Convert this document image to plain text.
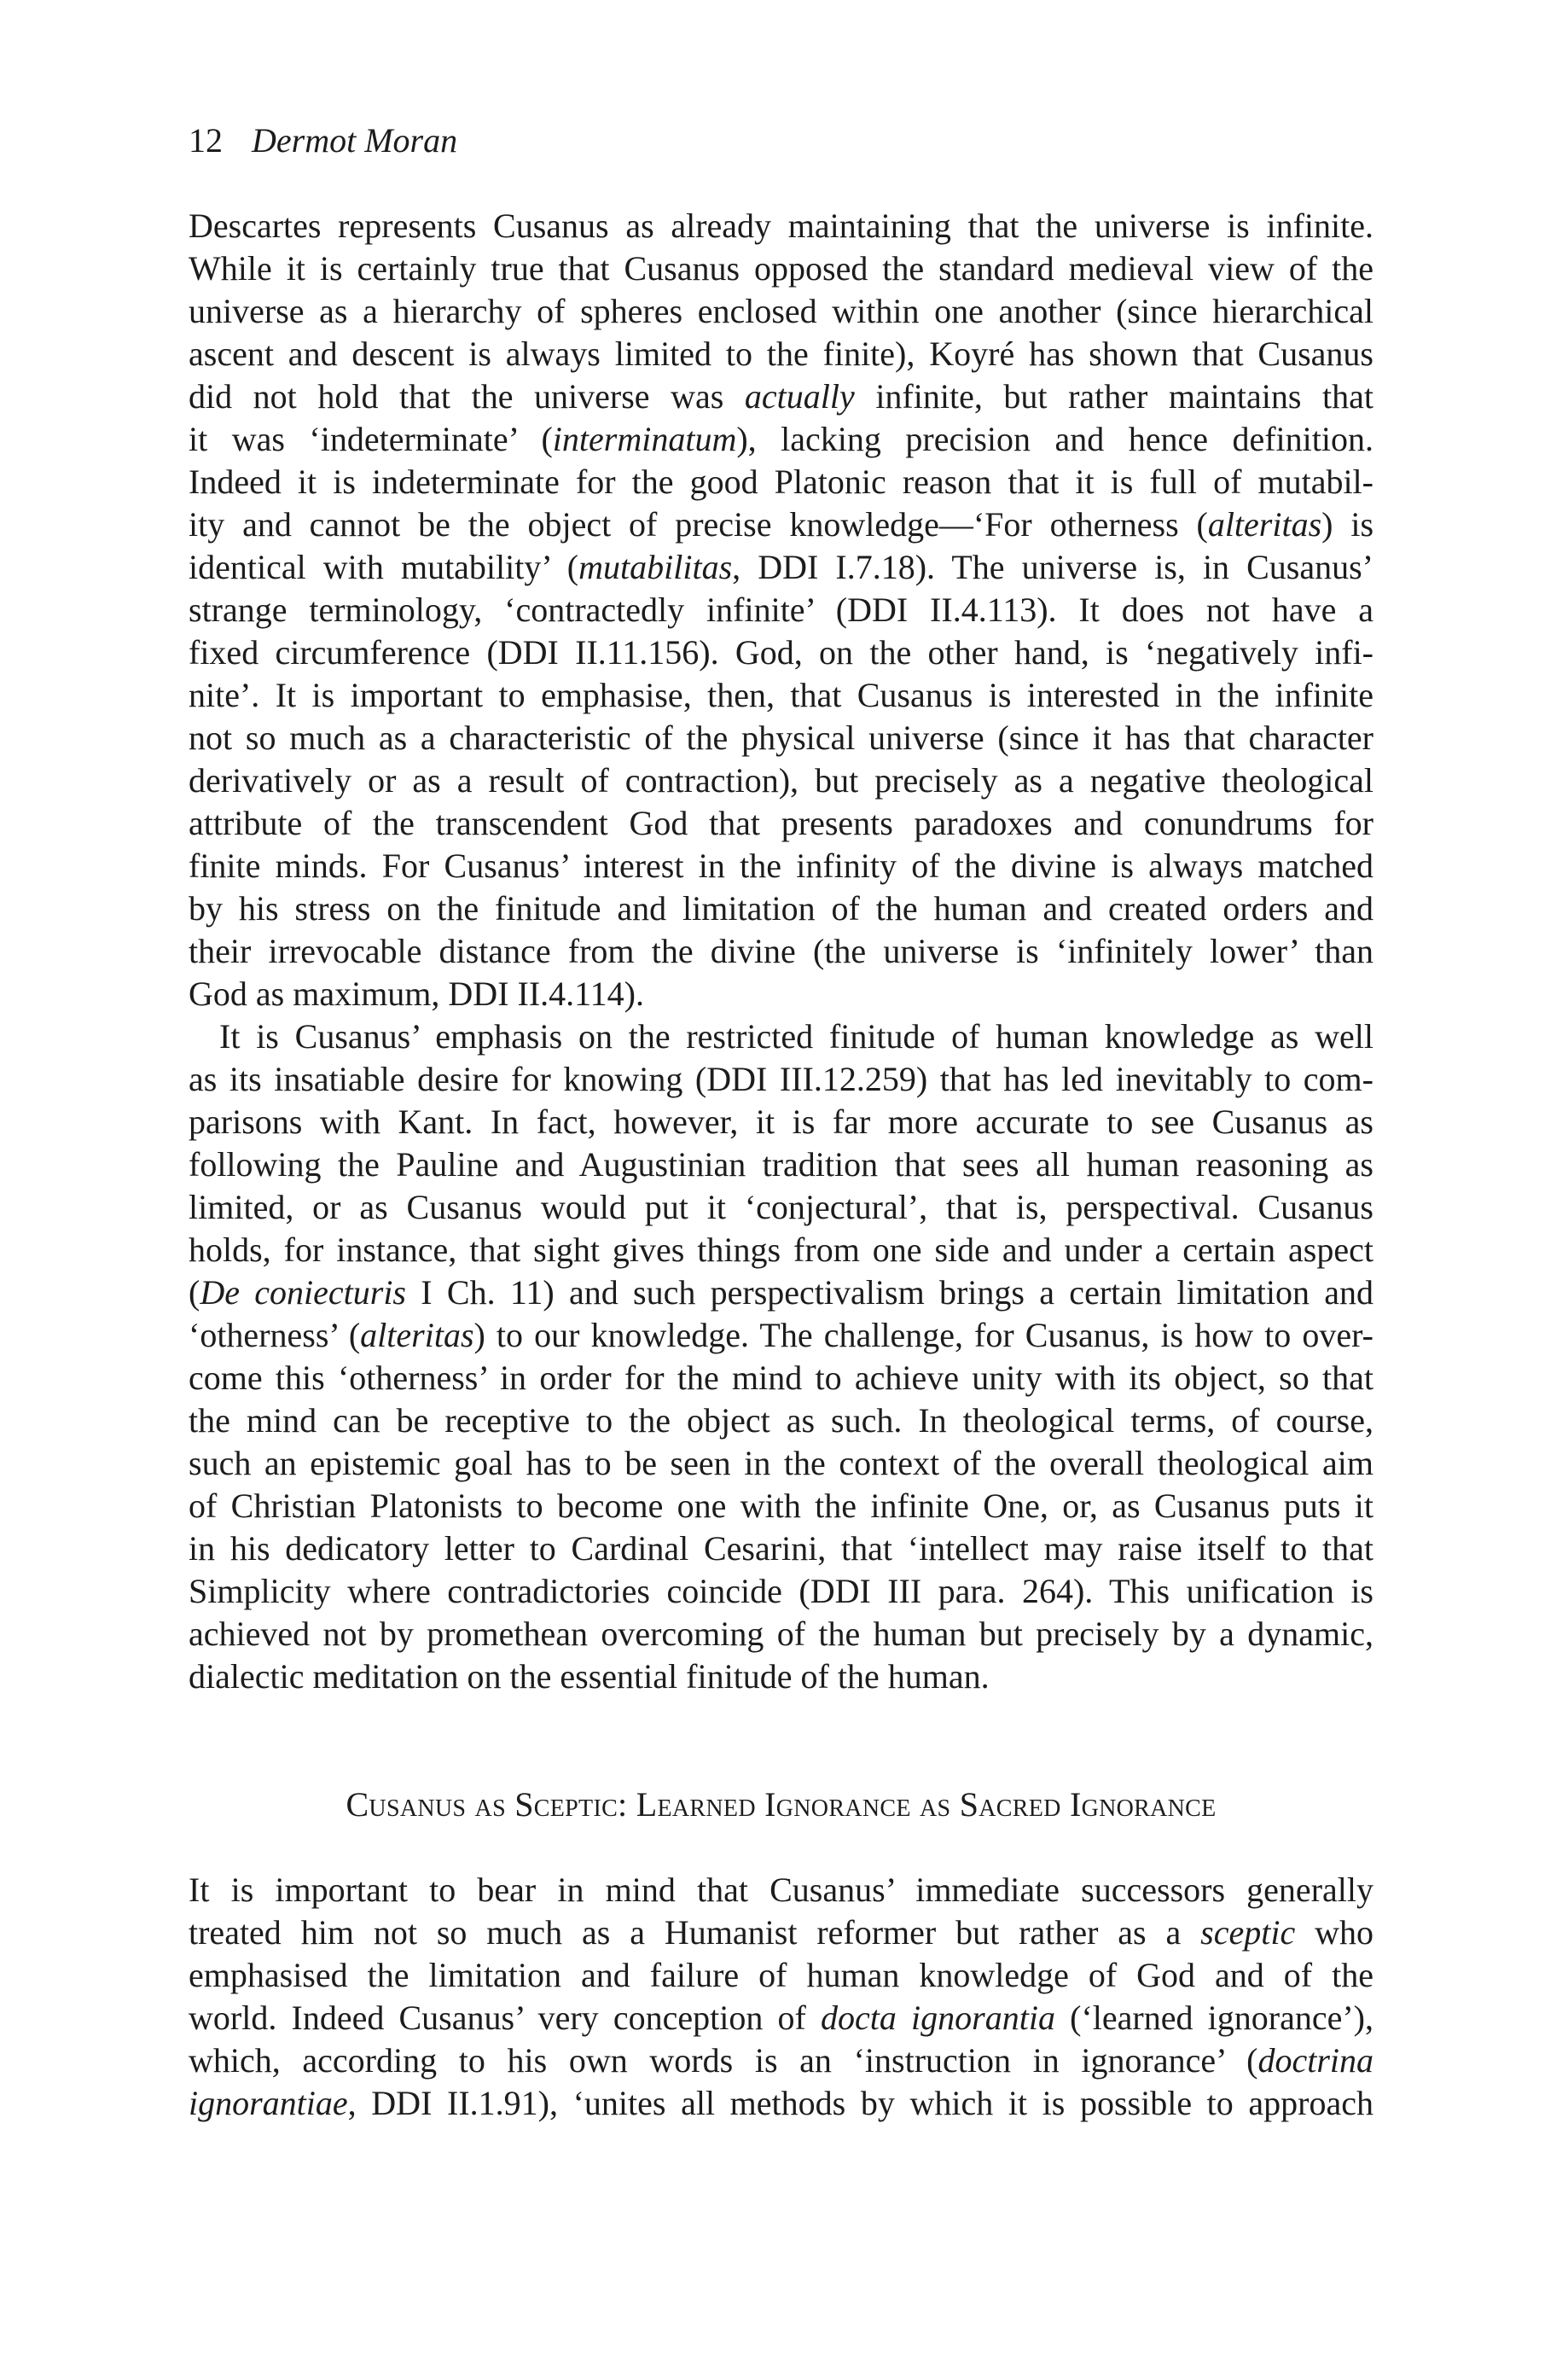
12 Dermot Moran
Descartes represents Cusanus as already maintaining that the universe is infinite.
While it is certainly true that Cusanus opposed the standard medieval view of the
universe as a hierarchy of spheres enclosed within one another (since hierarchical
ascent and descent is always limited to the finite), Koyré has shown that Cusanus
did not hold that the universe was actually infinite, but rather maintains that
it was ‘indeterminate’ (interminatum), lacking precision and hence definition.
Indeed it is indeterminate for the good Platonic reason that it is full of mutabil-
ity and cannot be the object of precise knowledge—‘For otherness (alteritas) is
identical with mutability’ (mutabilitas, DDI I.7.18). The universe is, in Cusanus’
strange terminology, ‘contractedly infinite’ (DDI II.4.113). It does not have a
fixed circumference (DDI II.11.156). God, on the other hand, is ‘negatively infi-
nite’. It is important to emphasise, then, that Cusanus is interested in the infinite
not so much as a characteristic of the physical universe (since it has that character
derivatively or as a result of contraction), but precisely as a negative theological
attribute of the transcendent God that presents paradoxes and conundrums for
finite minds. For Cusanus’ interest in the infinity of the divine is always matched
by his stress on the finitude and limitation of the human and created orders and
their irrevocable distance from the divine (the universe is ‘infinitely lower’ than
God as maximum, DDI II.4.114).
It is Cusanus’ emphasis on the restricted finitude of human knowledge as well
as its insatiable desire for knowing (DDI III.12.259) that has led inevitably to com-
parisons with Kant. In fact, however, it is far more accurate to see Cusanus as
following the Pauline and Augustinian tradition that sees all human reasoning as
limited, or as Cusanus would put it ‘conjectural’, that is, perspectival. Cusanus
holds, for instance, that sight gives things from one side and under a certain aspect
(De coniecturis I Ch. 11) and such perspectivalism brings a certain limitation and
‘otherness’ (alteritas) to our knowledge. The challenge, for Cusanus, is how to over-
come this ‘otherness’ in order for the mind to achieve unity with its object, so that
the mind can be receptive to the object as such. In theological terms, of course,
such an epistemic goal has to be seen in the context of the overall theological aim
of Christian Platonists to become one with the infinite One, or, as Cusanus puts it
in his dedicatory letter to Cardinal Cesarini, that ‘intellect may raise itself to that
Simplicity where contradictories coincide (DDI III para. 264). This unification is
achieved not by promethean overcoming of the human but precisely by a dynamic,
dialectic meditation on the essential finitude of the human.
Cusanus as Sceptic: Learned Ignorance as Sacred Ignorance
It is important to bear in mind that Cusanus’ immediate successors generally
treated him not so much as a Humanist reformer but rather as a sceptic who
emphasised the limitation and failure of human knowledge of God and of the
world. Indeed Cusanus’ very conception of docta ignorantia (‘learned ignorance’),
which, according to his own words is an ‘instruction in ignorance’ (doctrina
ignorantiae, DDI II.1.91), ‘unites all methods by which it is possible to approach
